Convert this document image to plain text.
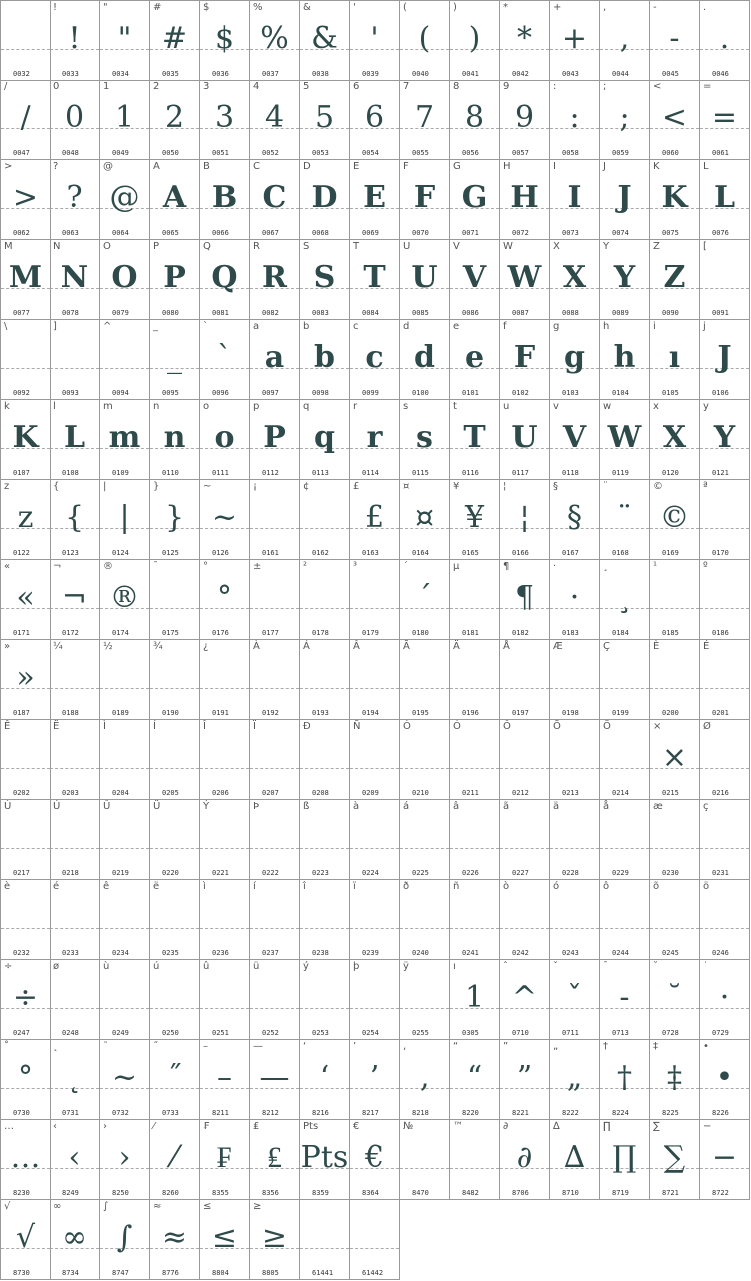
0032
!
!
0033
"
"
0034
#
#
0035
$
$
0036
%
%
0037
&
&
0038
'
'
0039
(
(
0040
)
)
0041
*
*
0042
+
+
0043
,
,
0044
-
-
0045
.
.
0046
/
/
0047
0
0
0048
1
1
0049
2
2
0050
3
3
0051
4
4
0052
5
5
0053
6
6
0054
7
7
0055
8
8
0056
9
9
0057
:
:
0058
;
;
0059
<
<
0060
=
=
0061
>
>
0062
?
?
0063
@
@
0064
A
A
0065
B
B
0066
C
C
0067
D
D
0068
E
E
0069
F
F
0070
G
G
0071
H
H
0072
I
I
0073
J
J
0074
K
K
0075
L
L
0076
M
M
0077
N
N
0078
O
O
0079
P
P
0080
Q
Q
0081
R
R
0082
S
S
0083
T
T
0084
U
U
0085
V
V
0086
W
W
0087
X
X
0088
Y
Y
0089
Z
Z
0090
[
0091
\
0092
]
0093
^
0094
_
_
0095
`
`
0096
a
a
0097
b
b
0098
c
c
0099
d
d
0100
e
e
0101
f
F
0102
g
g
0103
h
h
0104
i
ı
0105
j
J
0106
k
K
0107
l
L
0108
m
m
0109
n
n
0110
o
o
0111
p
P
0112
q
q
0113
r
r
0114
s
s
0115
t
T
0116
u
U
0117
v
V
0118
w
W
0119
x
X
0120
y
Y
0121
z
z
0122
{
{
0123
|
|
0124
}
}
0125
~
~
0126
¡
0161
¢
0162
£
£
0163
¤
¤
0164
¥
¥
0165
¦
¦
0166
§
§
0167
¨
¨
0168
©
©
0169
ª
0170
«
«
0171
¬
¬
0172
®
®
0174
¯
0175
°
°
0176
±
0177
²
0178
³
0179
´
´
0180
µ
0181
¶
¶
0182
·
·
0183
¸
¸
0184
¹
0185
º
0186
»
»
0187
¼
0188
½
0189
¾
0190
¿
0191
À
0192
Á
0193
Â
0194
Ã
0195
Ä
0196
Å
0197
Æ
0198
Ç
0199
È
0200
É
0201
Ê
0202
Ë
0203
Ì
0204
Í
0205
Î
0206
Ï
0207
Ð
0208
Ñ
0209
Ò
0210
Ó
0211
Ô
0212
Õ
0213
Ö
0214
×
×
0215
Ø
0216
Ù
0217
Ú
0218
Û
0219
Ü
0220
Ý
0221
Þ
0222
ß
0223
à
0224
á
0225
â
0226
ã
0227
ä
0228
å
0229
æ
0230
ç
0231
è
0232
é
0233
ê
0234
ë
0235
ì
0236
í
0237
î
0238
ï
0239
ð
0240
ñ
0241
ò
0242
ó
0243
ô
0244
õ
0245
ö
0246
÷
÷
0247
ø
0248
ù
0249
ú
0250
û
0251
ü
0252
ý
0253
þ
0254
ÿ
0255
ı
1
0305
ˆ
^
0710
ˇ
ˇ
0711
ˉ
-
0713
˘
˘
0728
˙
·
0729
˚
°
0730
˛
˛
0731
˜
~
0732
˝
˝
0733
–
–
8211
—
—
8212
‘
‘
8216
’
’
8217
‚
‚
8218
“
“
8220
”
”
8221
„
„
8222
†
†
8224
‡
‡
8225
•
•
8226
…
…
8230
‹
‹
8249
›
›
8250
⁄
⁄
8260
₣
₣
8355
₤
₤
8356
Pts
Pts
8359
€
€
8364
№
8470
™
8482
∂
∂
8706
∆
∆
8710
∏
∏
8719
∑
∑
8721
−
−
8722
√
√
8730
∞
∞
8734
∫
∫
8747
≈
≈
8776
≤
≤
8804
≥
≥
8805	61441	61442
